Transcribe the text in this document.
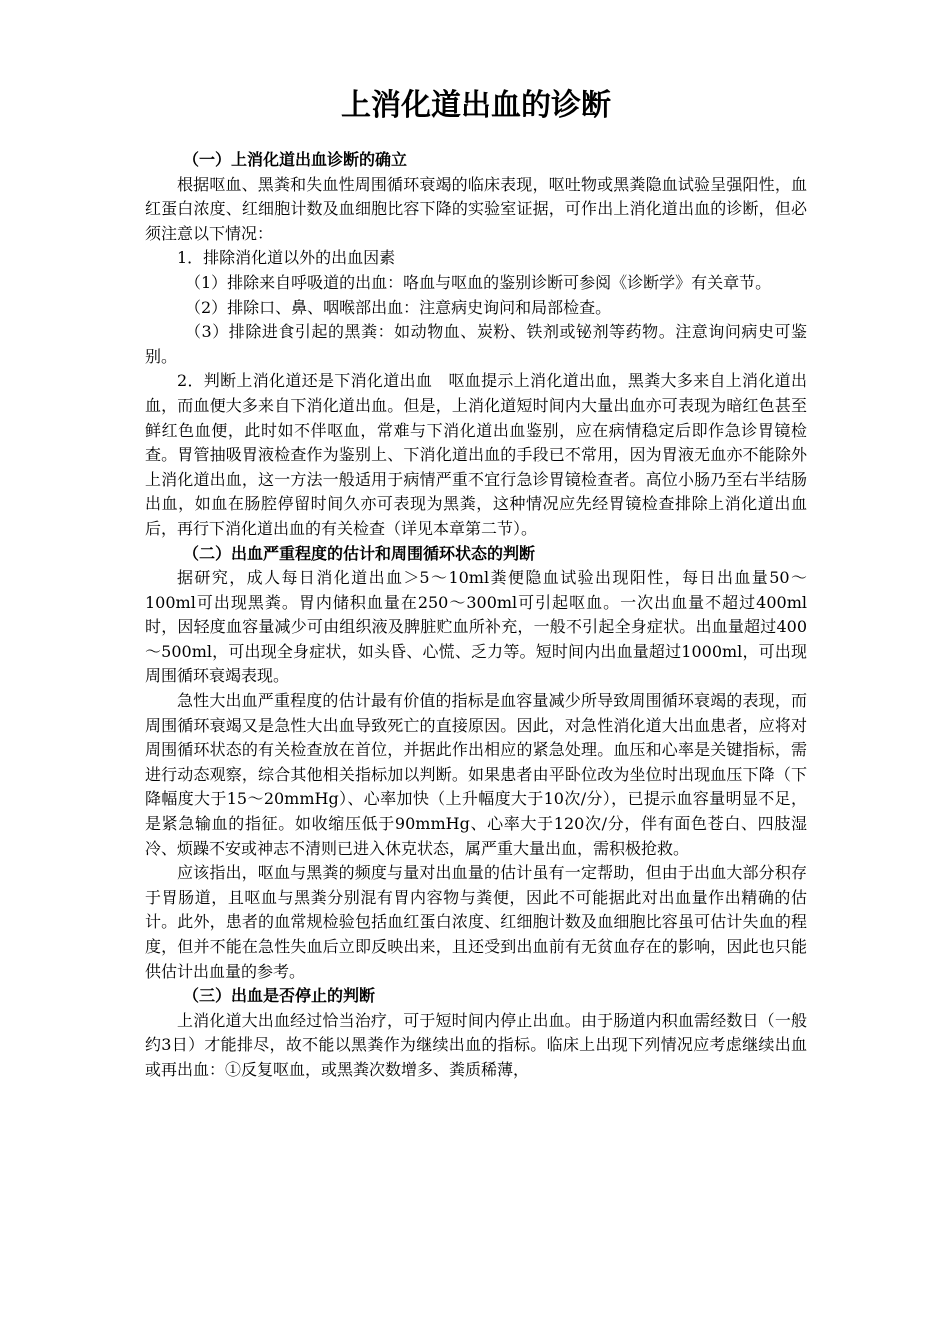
上消化道出血的诊断

（一）上消化道出血诊断的确立

根据呕血、黑粪和失血性周围循环衰竭的临床表现，呕吐物或黑粪隐血试验呈强阳性，血红蛋白浓度、红细胞计数及血细胞比容下降的实验室证据，可作出上消化道出血的诊断，但必须注意以下情况：

1．排除消化道以外的出血因素

（1）排除来自呼吸道的出血：咯血与呕血的鉴别诊断可参阅《诊断学》有关章节。

（2）排除口、鼻、咽喉部出血：注意病史询问和局部检查。

（3）排除进食引起的黑粪：如动物血、炭粉、铁剂或铋剂等药物。注意询问病史可鉴别。

2．判断上消化道还是下消化道出血　呕血提示上消化道出血，黑粪大多来自上消化道出血，而血便大多来自下消化道出血。但是，上消化道短时间内大量出血亦可表现为暗红色甚至鲜红色血便，此时如不伴呕血，常难与下消化道出血鉴别，应在病情稳定后即作急诊胃镜检查。胃管抽吸胃液检查作为鉴别上、下消化道出血的手段已不常用，因为胃液无血亦不能除外上消化道出血，这一方法一般适用于病情严重不宜行急诊胃镜检查者。高位小肠乃至右半结肠出血，如血在肠腔停留时间久亦可表现为黑粪，这种情况应先经胃镜检查排除上消化道出血后，再行下消化道出血的有关检查（详见本章第二节）。

（二）出血严重程度的估计和周围循环状态的判断

据研究，成人每日消化道出血＞5～10ml粪便隐血试验出现阳性，每日出血量50～100ml可出现黑粪。胃内储积血量在250～300ml可引起呕血。一次出血量不超过400ml时，因轻度血容量减少可由组织液及脾脏贮血所补充，一般不引起全身症状。出血量超过400～500ml，可出现全身症状，如头昏、心慌、乏力等。短时间内出血量超过1000ml，可出现周围循环衰竭表现。

急性大出血严重程度的估计最有价值的指标是血容量减少所导致周围循环衰竭的表现，而周围循环衰竭又是急性大出血导致死亡的直接原因。因此，对急性消化道大出血患者，应将对周围循环状态的有关检查放在首位，并据此作出相应的紧急处理。血压和心率是关键指标，需进行动态观察，综合其他相关指标加以判断。如果患者由平卧位改为坐位时出现血压下降（下降幅度大于15～20mmHg）、心率加快（上升幅度大于10次/分），已提示血容量明显不足，是紧急输血的指征。如收缩压低于90mmHg、心率大于120次/分，伴有面色苍白、四肢湿冷、烦躁不安或神志不清则已进入休克状态，属严重大量出血，需积极抢救。

应该指出，呕血与黑粪的频度与量对出血量的估计虽有一定帮助，但由于出血大部分积存于胃肠道，且呕血与黑粪分别混有胃内容物与粪便，因此不可能据此对出血量作出精确的估计。此外，患者的血常规检验包括血红蛋白浓度、红细胞计数及血细胞比容虽可估计失血的程度，但并不能在急性失血后立即反映出来，且还受到出血前有无贫血存在的影响，因此也只能供估计出血量的参考。

（三）出血是否停止的判断

上消化道大出血经过恰当治疗，可于短时间内停止出血。由于肠道内积血需经数日（一般约3日）才能排尽，故不能以黑粪作为继续出血的指标。临床上出现下列情况应考虑继续出血或再出血：①反复呕血，或黑粪次数增多、粪质稀薄，
